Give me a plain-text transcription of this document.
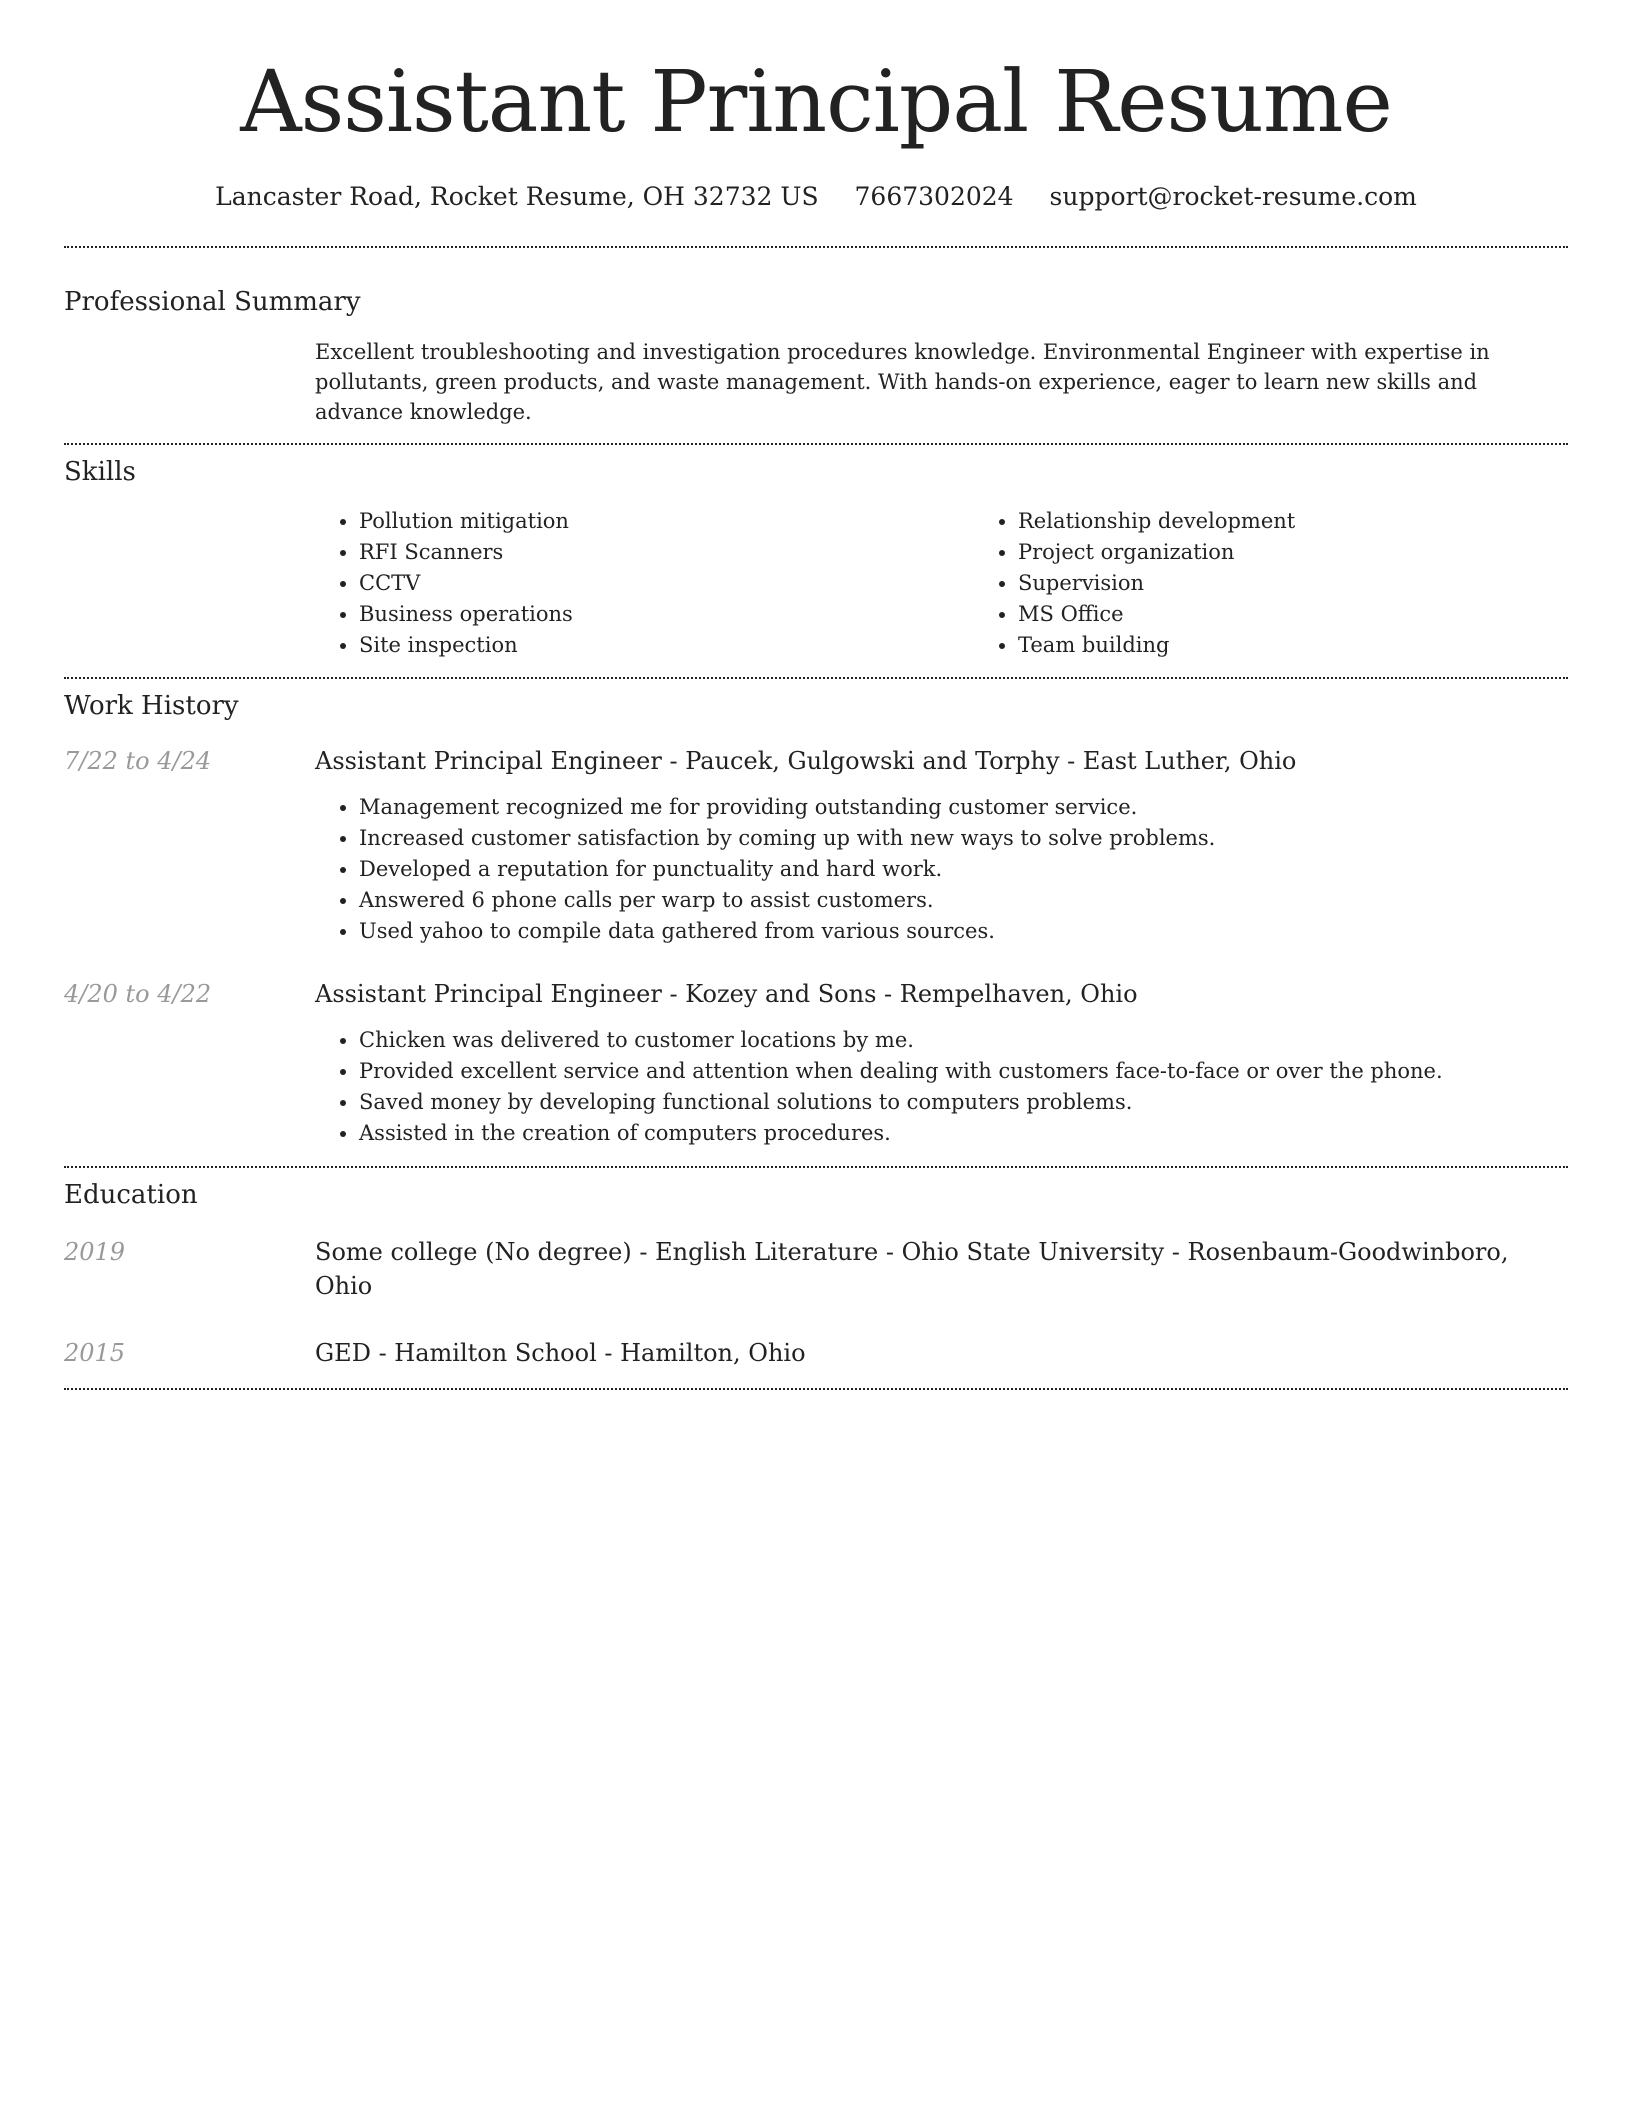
Assistant Principal Resume
Lancaster Road, Rocket Resume, OH 32732 US 7667302024 support@rocket-resume.com
Professional Summary
Excellent troubleshooting and investigation procedures knowledge. Environmental Engineer with expertise in pollutants, green products, and waste management. With hands-on experience, eager to learn new skills and advance knowledge.
Skills
• Pollution mitigation
• RFI Scanners
• CCTV
• Business operations
• Site inspection
• Relationship development
• Project organization
• Supervision
• MS Office
• Team building
Work History
7/22 to 4/24	Assistant Principal Engineer - Paucek, Gulgowski and Torphy - East Luther, Ohio
• Management recognized me for providing outstanding customer service.
• Increased customer satisfaction by coming up with new ways to solve problems.
• Developed a reputation for punctuality and hard work.
• Answered 6 phone calls per warp to assist customers.
• Used yahoo to compile data gathered from various sources.
4/20 to 4/22	Assistant Principal Engineer - Kozey and Sons - Rempelhaven, Ohio
• Chicken was delivered to customer locations by me.
• Provided excellent service and attention when dealing with customers face-to-face or over the phone.
• Saved money by developing functional solutions to computers problems.
• Assisted in the creation of computers procedures.
Education
2019	Some college (No degree) - English Literature - Ohio State University - Rosenbaum-Goodwinboro, Ohio
2015	GED - Hamilton School - Hamilton, Ohio
